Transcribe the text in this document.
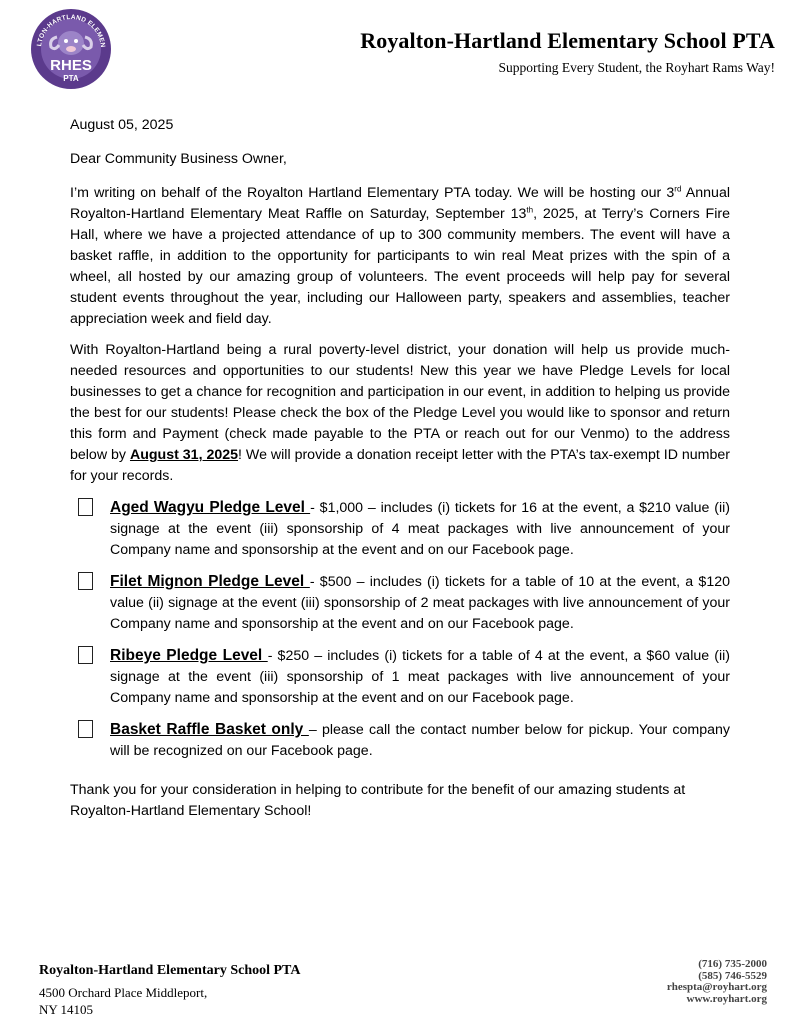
LTON-HARTLAND ELEMEN
RHES
PTA
Royalton-Hartland Elementary School PTA
Supporting Every Student, the Royhart Rams Way!

August 05, 2025

Dear Community Business Owner,

I’m writing on behalf of the Royalton Hartland Elementary PTA today. We will be hosting our 3rd Annual Royalton-Hartland Elementary Meat Raffle on Saturday, September 13th, 2025, at Terry’s Corners Fire Hall, where we have a projected attendance of up to 300 community members. The event will have a basket raffle, in addition to the opportunity for participants to win real Meat prizes with the spin of a wheel, all hosted by our amazing group of volunteers. The event proceeds will help pay for several student events throughout the year, including our Halloween party, speakers and assemblies, teacher appreciation week and field day.

With Royalton-Hartland being a rural poverty-level district, your donation will help us provide much-needed resources and opportunities to our students! New this year we have Pledge Levels for local businesses to get a chance for recognition and participation in our event, in addition to helping us provide the best for our students! Please check the box of the Pledge Level you would like to sponsor and return this form and Payment (check made payable to the PTA or reach out for our Venmo) to the address below by August 31, 2025! We will provide a donation receipt letter with the PTA’s tax-exempt ID number for your records.

Aged Wagyu Pledge Level - $1,000 – includes (i) tickets for 16 at the event, a $210 value (ii) signage at the event (iii) sponsorship of 4 meat packages with live announcement of your Company name and sponsorship at the event and on our Facebook page.
Filet Mignon Pledge Level - $500 – includes (i) tickets for a table of 10 at the event, a $120 value (ii) signage at the event (iii) sponsorship of 2 meat packages with live announcement of your Company name and sponsorship at the event and on our Facebook page.
Ribeye Pledge Level - $250 – includes (i) tickets for a table of 4 at the event, a $60 value (ii) signage at the event (iii) sponsorship of 1 meat packages with live announcement of your Company name and sponsorship at the event and on our Facebook page.
Basket Raffle Basket only – please call the contact number below for pickup. Your company will be recognized on our Facebook page.

Thank you for your consideration in helping to contribute for the benefit of our amazing students at Royalton-Hartland Elementary School!

Royalton-Hartland Elementary School PTA
4500 Orchard Place Middleport,
NY 14105
(716) 735-2000
(585) 746-5529
rhespta@royhart.org
www.royhart.org
